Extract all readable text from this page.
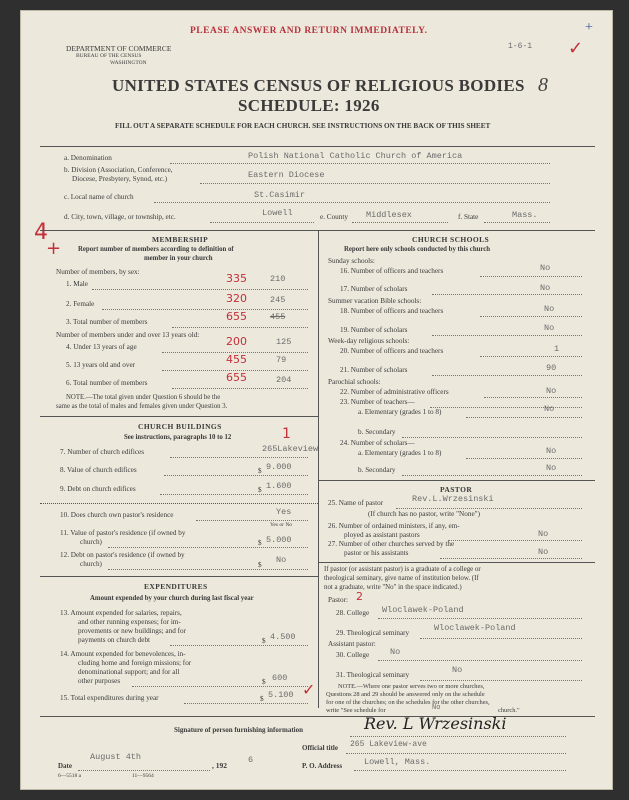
PLEASE ANSWER AND RETURN IMMEDIATELY.
DEPARTMENT OF COMMERCE
BUREAU OF THE CENSUS
WASHINGTON
1-6-1 ✓
+
8
UNITED STATES CENSUS OF RELIGIOUS BODIES
SCHEDULE: 1926
FILL OUT A SEPARATE SCHEDULE FOR EACH CHURCH. SEE INSTRUCTIONS ON THE BACK OF THIS SHEET
a. Denomination	Polish National Catholic Church of America
b. Division (Association, Conference,
Diocese, Presbytery, Synod, etc.)	Eastern Diocese
c. Local name of church	St.Casimir
d. City, town, village, or township, etc.	Lowell	e. County Middlesex	f. State	Mass.
4
+	MEMBERSHIP
Report number of members according to definition of
member in your church
Number of members, by sex:
1. Male	335	210
2. Female	320	245
3. Total number of members	655	455
Number of members under and over 13 years old:
4. Under 13 years of age	200	125
5. 13 years old and over	455	79
6. Total number of members	655	204
NOTE.—The total given under Question 6 should be the
same as the total of males and females given under Question 3.
CHURCH BUILDINGS
See instructions, paragraphs 10 to 12	1
7. Number of church edifices	265Lakeview
8. Value of church edifices	$ 9.000
9. Debt on church edifices	$ 1.600
10. Does church own pastor's residence	Yes
Yes or No
11. Value of pastor's residence (if owned by
church)	$ 5.000
12. Debt on pastor's residence (if owned by
church)	$ No
EXPENDITURES
Amount expended by your church during last fiscal year
13. Amount expended for salaries, repairs,
and other running expenses; for im-
provements or new buildings; and for
payments on church debt	$ 4.500
14. Amount expended for benevolences, in-
cluding home and foreign missions; for
denominational support; and for all
other purposes	$ 600
15. Total expenditures during year	$ 5.100 ✓
CHURCH SCHOOLS
Report here only schools conducted by this church
Sunday schools:
16. Number of officers and teachers	No
17. Number of scholars	No
Summer vacation Bible schools:
18. Number of officers and teachers	No
19. Number of scholars	No
Week-day religious schools:
20. Number of officers and teachers	1
21. Number of scholars	90
Parochial schools:
22. Number of administrative officers	No
23. Number of teachers—
a. Elementary (grades 1 to 8)	No
b. Secondary
24. Number of scholars—
a. Elementary (grades 1 to 8)	No
b. Secondary	No
PASTOR
25. Name of pastor	Rev.L.Wrzesinski
(If church has no pastor, write "None")
26. Number of ordained ministers, if any, em-
ployed as assistant pastors	No
27. Number of other churches served by the
pastor or his assistants	No
If pastor (or assistant pastor) is a graduate of a college or
theological seminary, give name of institution below. (If
not a graduate, write "No" in the space indicated.)
Pastor: 2
28. College Wloclawek-Poland
29. Theological seminary	Wloclawek-Poland
Assistant pastor:
30. College No
31. Theological seminary	No
NOTE.—Where one pastor serves two or more churches,
Questions 28 and 29 should be answered only on the schedule
for one of the churches; on the schedules for the other churches,
write "See schedule for	No	church."
Signature of person furnishing information	Rev. L Wrzesinski
Official title 265 Lakeview-ave
Date
August 4th
, 192
6
P. O. Address	Lowell, Mass.
6—5518 a	11—9564
